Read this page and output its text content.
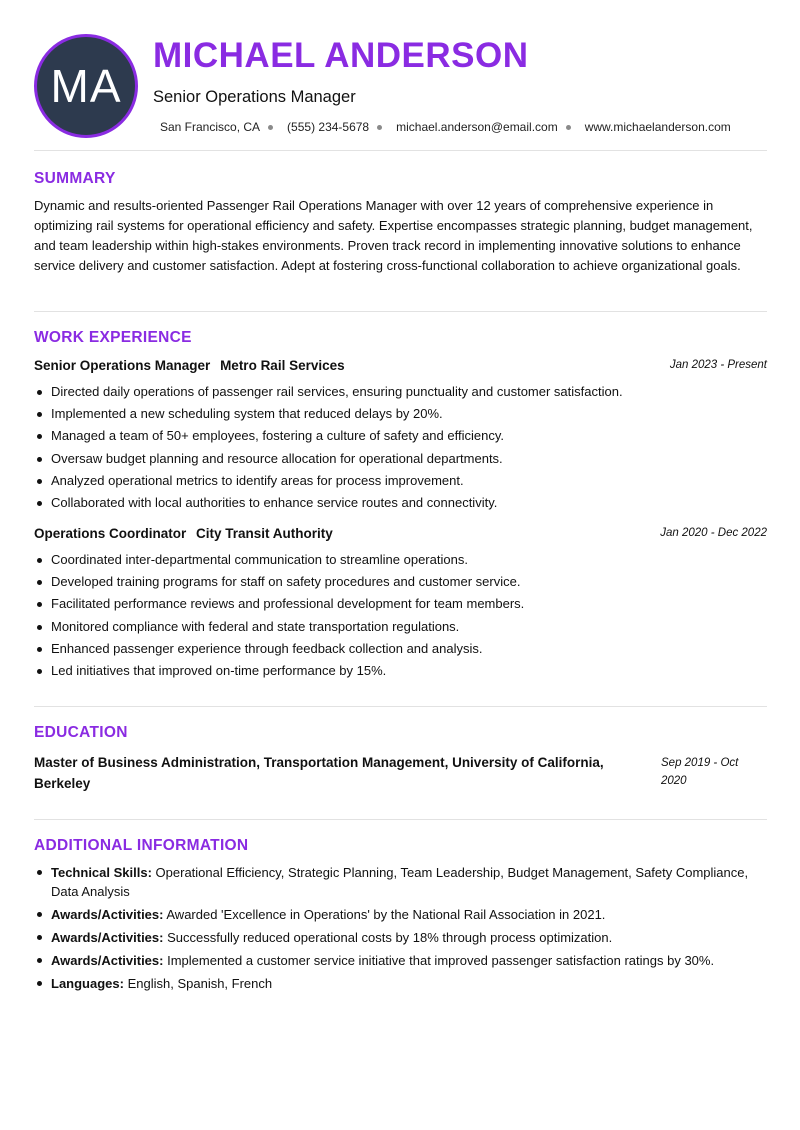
MA
MICHAEL ANDERSON
Senior Operations Manager
San Francisco, CA (555) 234-5678 michael.anderson@email.com www.michaelanderson.com
SUMMARY

Dynamic and results-oriented Passenger Rail Operations Manager with over 12 years of comprehensive experience in optimizing rail systems for operational efficiency and safety. Expertise encompasses strategic planning, budget management, and team leadership within high-stakes environments. Proven track record in implementing innovative solutions to enhance service delivery and customer satisfaction. Adept at fostering cross-functional collaboration to achieve organizational goals.

WORK EXPERIENCE
Senior Operations Manager Metro Rail Services	Jan 2023 - Present
Directed daily operations of passenger rail services, ensuring punctuality and customer satisfaction.
Implemented a new scheduling system that reduced delays by 20%.
Managed a team of 50+ employees, fostering a culture of safety and efficiency.
Oversaw budget planning and resource allocation for operational departments.
Analyzed operational metrics to identify areas for process improvement.
Collaborated with local authorities to enhance service routes and connectivity.
Operations Coordinator City Transit Authority	Jan 2020 - Dec 2022
Coordinated inter-departmental communication to streamline operations.
Developed training programs for staff on safety procedures and customer service.
Facilitated performance reviews and professional development for team members.
Monitored compliance with federal and state transportation regulations.
Enhanced passenger experience through feedback collection and analysis.
Led initiatives that improved on-time performance by 15%.
EDUCATION
Master of Business Administration, Transportation Management, University of California, Berkeley
Sep 2019 - Oct 2020
ADDITIONAL INFORMATION
Technical Skills: Operational Efficiency, Strategic Planning, Team Leadership, Budget Management, Safety Compliance, Data Analysis
Awards/Activities: Awarded 'Excellence in Operations' by the National Rail Association in 2021.
Awards/Activities: Successfully reduced operational costs by 18% through process optimization.
Awards/Activities: Implemented a customer service initiative that improved passenger satisfaction ratings by 30%.
Languages: English, Spanish, French
